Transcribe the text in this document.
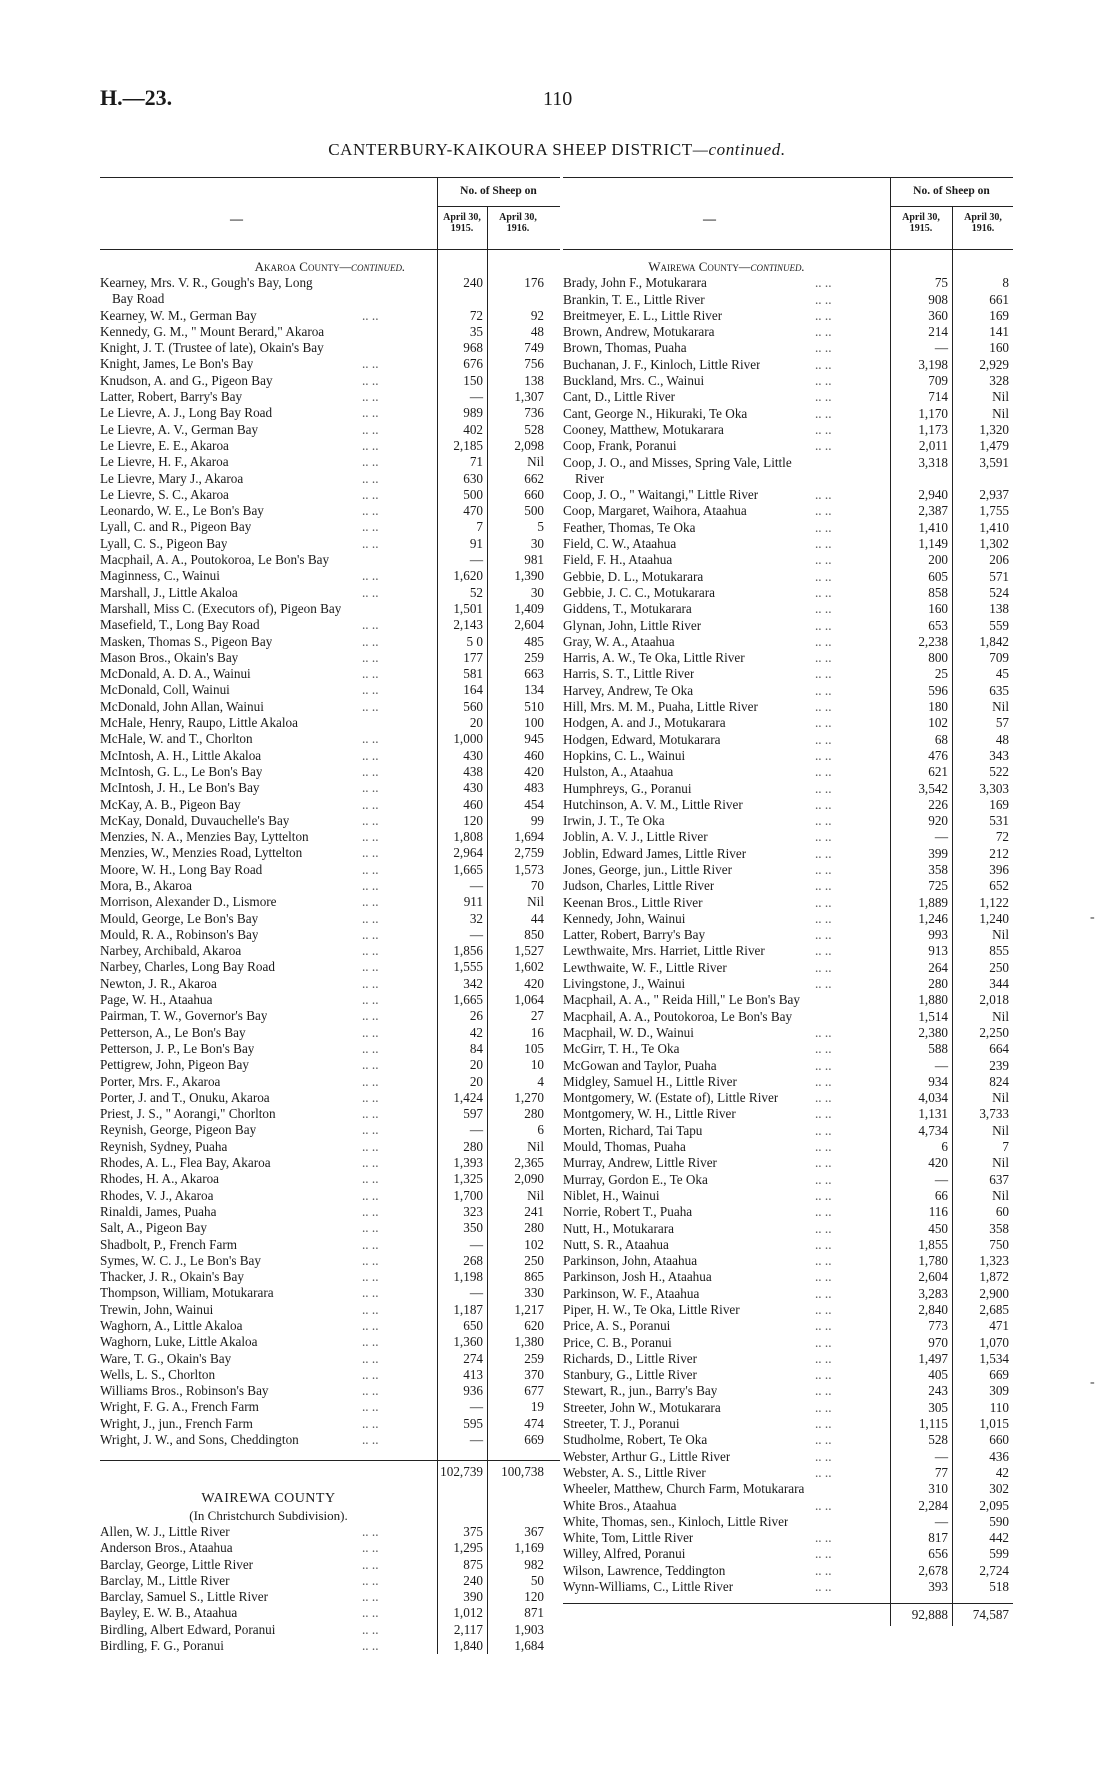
H.—23.	110
CANTERBURY-KAIKOURA SHEEP DISTRICT—continued.
—
No. of Sheep on
April 30,
1915.
April 30,
1916.
Akaroa County—continued.
Kearney, Mrs. V. R., Gough's Bay, Long	240	176
Bay Road
Kearney, W. M., German Bay	.. ..	72	92
Kennedy, G. M., " Mount Berard," Akaroa	35	48
Knight, J. T. (Trustee of late), Okain's Bay	968	749
Knight, James, Le Bon's Bay	.. ..	676	756
Knudson, A. and G., Pigeon Bay	.. ..	150	138
Latter, Robert, Barry's Bay	.. ..	—	1,307
Le Lievre, A. J., Long Bay Road	.. ..	989	736
Le Lievre, A. V., German Bay	.. ..	402	528
Le Lievre, E. E., Akaroa	.. ..	2,185	2,098
Le Lievre, H. F., Akaroa	.. ..	71	Nil
Le Lievre, Mary J., Akaroa	.. ..	630	662
Le Lievre, S. C., Akaroa	.. ..	500	660
Leonardo, W. E., Le Bon's Bay	.. ..	470	500
Lyall, C. and R., Pigeon Bay	.. ..	7	5
Lyall, C. S., Pigeon Bay	.. ..	91	30
Macphail, A. A., Poutokoroa, Le Bon's Bay	—	981
Maginness, C., Wainui	.. ..	1,620	1,390
Marshall, J., Little Akaloa	.. ..	52	30
Marshall, Miss C. (Executors of), Pigeon Bay	1,501	1,409
Masefield, T., Long Bay Road	.. ..	2,143	2,604
Masken, Thomas S., Pigeon Bay	.. ..	5 0	485
Mason Bros., Okain's Bay	.. ..	177	259
McDonald, A. D. A., Wainui	.. ..	581	663
McDonald, Coll, Wainui	.. ..	164	134
McDonald, John Allan, Wainui	.. ..	560	510
McHale, Henry, Raupo, Little Akaloa	20	100
McHale, W. and T., Chorlton	.. ..	1,000	945
McIntosh, A. H., Little Akaloa	.. ..	430	460
McIntosh, G. L., Le Bon's Bay	.. ..	438	420
McIntosh, J. H., Le Bon's Bay	.. ..	430	483
McKay, A. B., Pigeon Bay	.. ..	460	454
McKay, Donald, Duvauchelle's Bay	.. ..	120	99
Menzies, N. A., Menzies Bay, Lyttelton	.. ..	1,808	1,694
Menzies, W., Menzies Road, Lyttelton	.. ..	2,964	2,759
Moore, W. H., Long Bay Road	.. ..	1,665	1,573
Mora, B., Akaroa	.. ..	—	70
Morrison, Alexander D., Lismore	.. ..	911	Nil
Mould, George, Le Bon's Bay	.. ..	32	44
Mould, R. A., Robinson's Bay	.. ..	—	850
Narbey, Archibald, Akaroa	.. ..	1,856	1,527
Narbey, Charles, Long Bay Road	.. ..	1,555	1,602
Newton, J. R., Akaroa	.. ..	342	420
Page, W. H., Ataahua	.. ..	1,665	1,064
Pairman, T. W., Governor's Bay	.. ..	26	27
Petterson, A., Le Bon's Bay	.. ..	42	16
Petterson, J. P., Le Bon's Bay	.. ..	84	105
Pettigrew, John, Pigeon Bay	.. ..	20	10
Porter, Mrs. F., Akaroa	.. ..	20	4
Porter, J. and T., Onuku, Akaroa	.. ..	1,424	1,270
Priest, J. S., " Aorangi," Chorlton	.. ..	597	280
Reynish, George, Pigeon Bay	.. ..	—	6
Reynish, Sydney, Puaha	.. ..	280	Nil
Rhodes, A. L., Flea Bay, Akaroa	.. ..	1,393	2,365
Rhodes, H. A., Akaroa	.. ..	1,325	2,090
Rhodes, V. J., Akaroa	.. ..	1,700	Nil
Rinaldi, James, Puaha	.. ..	323	241
Salt, A., Pigeon Bay	.. ..	350	280
Shadbolt, P., French Farm	.. ..	—	102
Symes, W. C. J., Le Bon's Bay	.. ..	268	250
Thacker, J. R., Okain's Bay	.. ..	1,198	865
Thompson, William, Motukarara	.. ..	—	330
Trewin, John, Wainui	.. ..	1,187	1,217
Waghorn, A., Little Akaloa	.. ..	650	620
Waghorn, Luke, Little Akaloa	.. ..	1,360	1,380
Ware, T. G., Okain's Bay	.. ..	274	259
Wells, L. S., Chorlton	.. ..	413	370
Williams Bros., Robinson's Bay	.. ..	936	677
Wright, F. G. A., French Farm	.. ..	—	19
Wright, J., jun., French Farm	.. ..	595	474
Wright, J. W., and Sons, Cheddington	.. ..	—	669
102,739	100,738
WAIREWA COUNTY
(In Christchurch Subdivision).
Allen, W. J., Little River	.. ..	375	367
Anderson Bros., Ataahua	.. ..	1,295	1,169
Barclay, George, Little River	.. ..	875	982
Barclay, M., Little River	.. ..	240	50
Barclay, Samuel S., Little River	.. ..	390	120
Bayley, E. W. B., Ataahua	.. ..	1,012	871
Birdling, Albert Edward, Poranui	.. ..	2,117	1,903
Birdling, F. G., Poranui	.. ..	1,840	1,684
—
No. of Sheep on
April 30,
1915.
April 30,
1916.
Wairewa County—continued.
Brady, John F., Motukarara	.. ..	75	8
Brankin, T. E., Little River	.. ..	908	661
Breitmeyer, E. L., Little River	.. ..	360	169
Brown, Andrew, Motukarara	.. ..	214	141
Brown, Thomas, Puaha	.. ..	—	160
Buchanan, J. F., Kinloch, Little River	.. ..	3,198	2,929
Buckland, Mrs. C., Wainui	.. ..	709	328
Cant, D., Little River	.. ..	714	Nil
Cant, George N., Hikuraki, Te Oka	.. ..	1,170	Nil
Cooney, Matthew, Motukarara	.. ..	1,173	1,320
Coop, Frank, Poranui	.. ..	2,011	1,479
Coop, J. O., and Misses, Spring Vale, Little	3,318	3,591
River
Coop, J. O., " Waitangi," Little River	.. ..	2,940	2,937
Coop, Margaret, Waihora, Ataahua	.. ..	2,387	1,755
Feather, Thomas, Te Oka	.. ..	1,410	1,410
Field, C. W., Ataahua	.. ..	1,149	1,302
Field, F. H., Ataahua	.. ..	200	206
Gebbie, D. L., Motukarara	.. ..	605	571
Gebbie, J. C. C., Motukarara	.. ..	858	524
Giddens, T., Motukarara	.. ..	160	138
Glynan, John, Little River	.. ..	653	559
Gray, W. A., Ataahua	.. ..	2,238	1,842
Harris, A. W., Te Oka, Little River	.. ..	800	709
Harris, S. T., Little River	.. ..	25	45
Harvey, Andrew, Te Oka	.. ..	596	635
Hill, Mrs. M. M., Puaha, Little River	.. ..	180	Nil
Hodgen, A. and J., Motukarara	.. ..	102	57
Hodgen, Edward, Motukarara	.. ..	68	48
Hopkins, C. L., Wainui	.. ..	476	343
Hulston, A., Ataahua	.. ..	621	522
Humphreys, G., Poranui	.. ..	3,542	3,303
Hutchinson, A. V. M., Little River	.. ..	226	169
Irwin, J. T., Te Oka	.. ..	920	531
Joblin, A. V. J., Little River	.. ..	—	72
Joblin, Edward James, Little River	.. ..	399	212
Jones, George, jun., Little River	.. ..	358	396
Judson, Charles, Little River	.. ..	725	652
Keenan Bros., Little River	.. ..	1,889	1,122
Kennedy, John, Wainui	.. ..	1,246	1,240
Latter, Robert, Barry's Bay	.. ..	993	Nil
Lewthwaite, Mrs. Harriet, Little River	.. ..	913	855
Lewthwaite, W. F., Little River	.. ..	264	250
Livingstone, J., Wainui	.. ..	280	344
Macphail, A. A., " Reida Hill," Le Bon's Bay	1,880	2,018
Macphail, A. A., Poutokoroa, Le Bon's Bay	1,514	Nil
Macphail, W. D., Wainui	.. ..	2,380	2,250
McGirr, T. H., Te Oka	.. ..	588	664
McGowan and Taylor, Puaha	.. ..	—	239
Midgley, Samuel H., Little River	.. ..	934	824
Montgomery, W. (Estate of), Little River	.. ..	4,034	Nil
Montgomery, W. H., Little River	.. ..	1,131	3,733
Morten, Richard, Tai Tapu	.. ..	4,734	Nil
Mould, Thomas, Puaha	.. ..	6	7
Murray, Andrew, Little River	.. ..	420	Nil
Murray, Gordon E., Te Oka	.. ..	—	637
Niblet, H., Wainui	.. ..	66	Nil
Norrie, Robert T., Puaha	.. ..	116	60
Nutt, H., Motukarara	.. ..	450	358
Nutt, S. R., Ataahua	.. ..	1,855	750
Parkinson, John, Ataahua	.. ..	1,780	1,323
Parkinson, Josh H., Ataahua	.. ..	2,604	1,872
Parkinson, W. F., Ataahua	.. ..	3,283	2,900
Piper, H. W., Te Oka, Little River	.. ..	2,840	2,685
Price, A. S., Poranui	.. ..	773	471
Price, C. B., Poranui	.. ..	970	1,070
Richards, D., Little River	.. ..	1,497	1,534
Stanbury, G., Little River	.. ..	405	669
Stewart, R., jun., Barry's Bay	.. ..	243	309
Streeter, John W., Motukarara	.. ..	305	110
Streeter, T. J., Poranui	.. ..	1,115	1,015
Studholme, Robert, Te Oka	.. ..	528	660
Webster, Arthur G., Little River	.. ..	—	436
Webster, A. S., Little River	.. ..	77	42
Wheeler, Matthew, Church Farm, Motukarara	310	302
White Bros., Ataahua	.. ..	2,284	2,095
White, Thomas, sen., Kinloch, Little River	—	590
White, Tom, Little River	.. ..	817	442
Willey, Alfred, Poranui	.. ..	656	599
Wilson, Lawrence, Teddington	.. ..	2,678	2,724
Wynn-Williams, C., Little River	.. ..	393	518
92,888	74,587
-
-
